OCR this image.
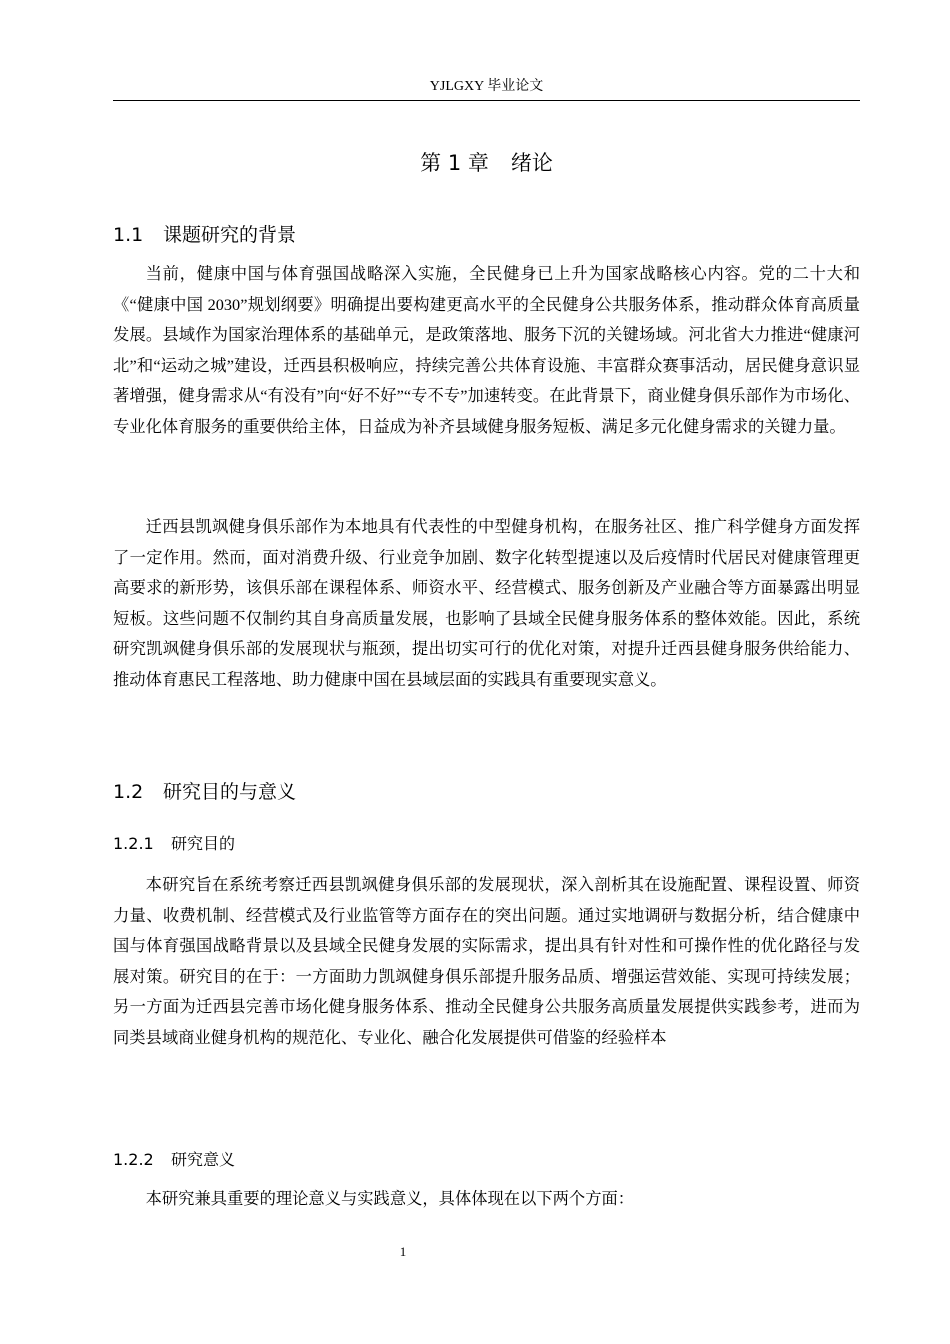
YJLGXY 毕业论文
第 1 章 绪论
1.1 课题研究的背景

当前，健康中国与体育强国战略深入实施，全民健身已上升为国家战略核心内容。党的二十大和《“健康中国 2030”规划纲要》明确提出要构建更高水平的全民健身公共服务体系，推动群众体育高质量发展。县域作为国家治理体系的基础单元，是政策落地、服务下沉的关键场域。河北省大力推进“健康河北”和“运动之城”建设，迁西县积极响应，持续完善公共体育设施、丰富群众赛事活动，居民健身意识显著增强，健身需求从“有没有”向“好不好”“专不专”加速转变。在此背景下，商业健身俱乐部作为市场化、专业化体育服务的重要供给主体，日益成为补齐县域健身服务短板、满足多元化健身需求的关键力量。

迁西县凯飒健身俱乐部作为本地具有代表性的中型健身机构，在服务社区、推广科学健身方面发挥了一定作用。然而，面对消费升级、行业竞争加剧、数字化转型提速以及后疫情时代居民对健康管理更高要求的新形势，该俱乐部在课程体系、师资水平、经营模式、服务创新及产业融合等方面暴露出明显短板。这些问题不仅制约其自身高质量发展，也影响了县域全民健身服务体系的整体效能。因此，系统研究凯飒健身俱乐部的发展现状与瓶颈，提出切实可行的优化对策，对提升迁西县健身服务供给能力、推动体育惠民工程落地、助力健康中国在县域层面的实践具有重要现实意义。

1.2 研究目的与意义
1.2.1 研究目的

本研究旨在系统考察迁西县凯飒健身俱乐部的发展现状，深入剖析其在设施配置、课程设置、师资力量、收费机制、经营模式及行业监管等方面存在的突出问题。通过实地调研与数据分析，结合健康中国与体育强国战略背景以及县域全民健身发展的实际需求，提出具有针对性和可操作性的优化路径与发展对策。研究目的在于：一方面助力凯飒健身俱乐部提升服务品质、增强运营效能、实现可持续发展；另一方面为迁西县完善市场化健身服务体系、推动全民健身公共服务高质量发展提供实践参考，进而为同类县域商业健身机构的规范化、专业化、融合化发展提供可借鉴的经验样本

1.2.2 研究意义

本研究兼具重要的理论意义与实践意义，具体体现在以下两个方面：

1
